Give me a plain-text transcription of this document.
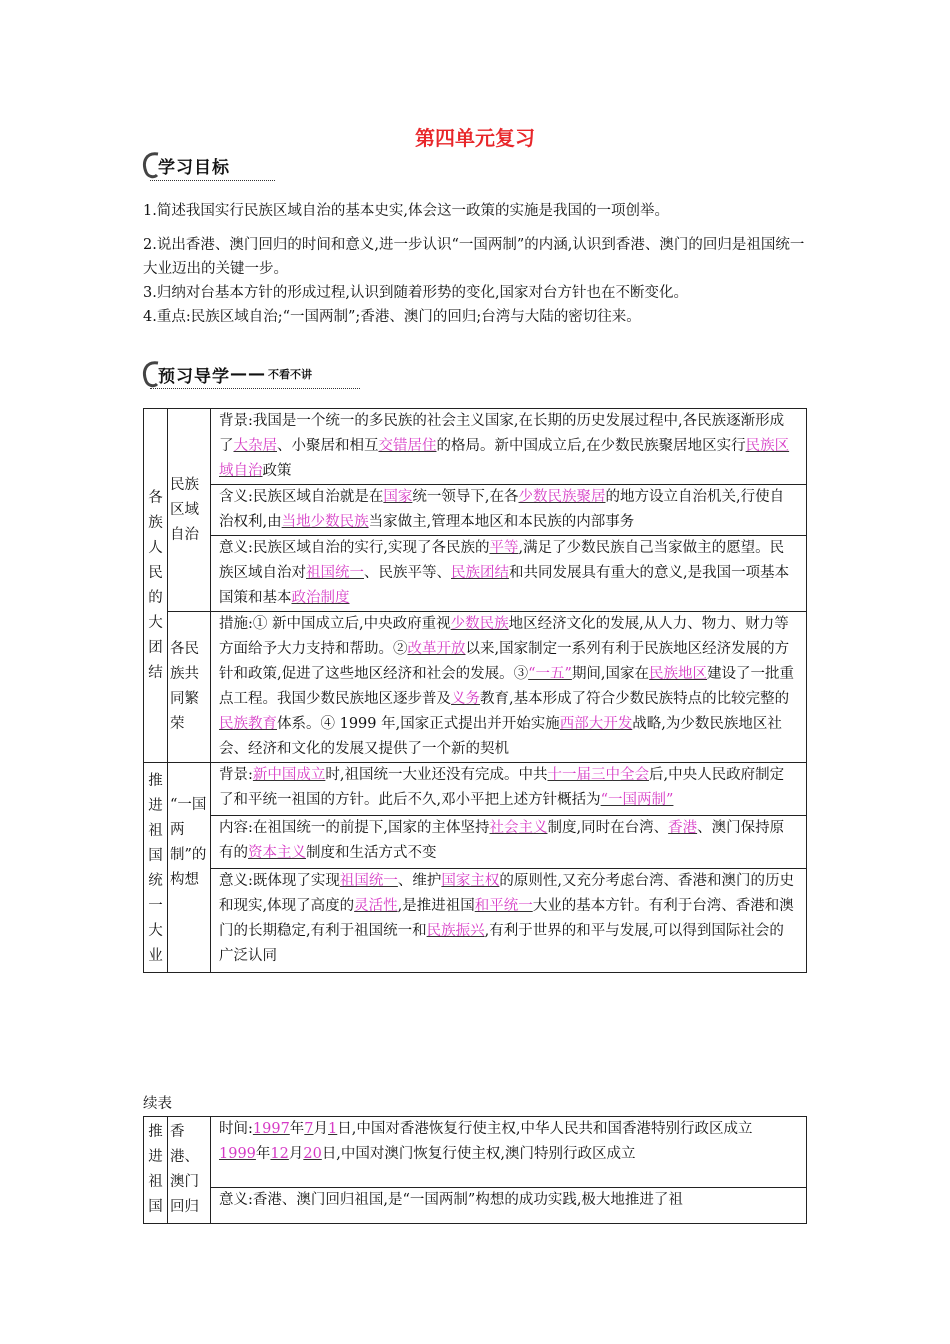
第四单元复习
学习目标

1.简述我国实行民族区域自治的基本史实,体会这一政策的实施是我国的一项创举。

2.说出香港、澳门回归的时间和意义,进一步认识“一国两制”的内涵,认识到香港、澳门的回归是祖国统一大业迈出的关键一步。

3.归纳对台基本方针的形成过程,认识到随着形势的变化,国家对台方针也在不断变化。

4.重点:民族区域自治;“一国两制”;香港、澳门的回归;台湾与大陆的密切往来。

预习导学 —— 不看不讲
各族人民的大团结	民族区域自治	背景:我国是一个统一的多民族的社会主义国家,在长期的历史发展过程中,各民族逐渐形成了大杂居、小聚居和相互交错居住的格局。新中国成立后,在少数民族聚居地区实行民族区域自治政策
		含义:民族区域自治就是在国家统一领导下,在各少数民族聚居的地方设立自治机关,行使自治权利,由当地少数民族当家做主,管理本地区和本民族的内部事务
		意义:民族区域自治的实行,实现了各民族的平等,满足了少数民族自己当家做主的愿望。民族区域自治对祖国统一、民族平等、民族团结和共同发展具有重大的意义,是我国一项基本国策和基本政治制度
	各民族共同繁荣	措施:① 新中国成立后,中央政府重视少数民族地区经济文化的发展,从人力、物力、财力等方面给予大力支持和帮助。②改革开放以来,国家制定一系列有利于民族地区经济发展的方针和政策,促进了这些地区经济和社会的发展。③“一五”期间,国家在民族地区建设了一批重点工程。我国少数民族地区逐步普及义务教育,基本形成了符合少数民族特点的比较完整的民族教育体系。④ 1999 年,国家正式提出并开始实施西部大开发战略,为少数民族地区社会、经济和文化的发展又提供了一个新的契机
推进祖国统一大业	“一国两制”的构想	背景:新中国成立时,祖国统一大业还没有完成。中共十一届三中全会后,中央人民政府制定了和平统一祖国的方针。此后不久,邓小平把上述方针概括为“一国两制”
		内容:在祖国统一的前提下,国家的主体坚持社会主义制度,同时在台湾、香港、澳门保持原有的资本主义制度和生活方式不变
		意义:既体现了实现祖国统一、维护国家主权的原则性,又充分考虑台湾、香港和澳门的历史和现实,体现了高度的灵活性,是推进祖国和平统一大业的基本方针。有利于台湾、香港和澳门的长期稳定,有利于祖国统一和民族振兴,有利于世界的和平与发展,可以得到国际社会的广泛认同
续表
推进祖国	香港、澳门回归	时间:1997年7月1日,中国对香港恢复行使主权,中华人民共和国香港特别行政区成立
1999年12月20日,中国对澳门恢复行使主权,澳门特别行政区成立
意义:香港、澳门回归祖国,是“一国两制”构想的成功实践,极大地推进了祖
